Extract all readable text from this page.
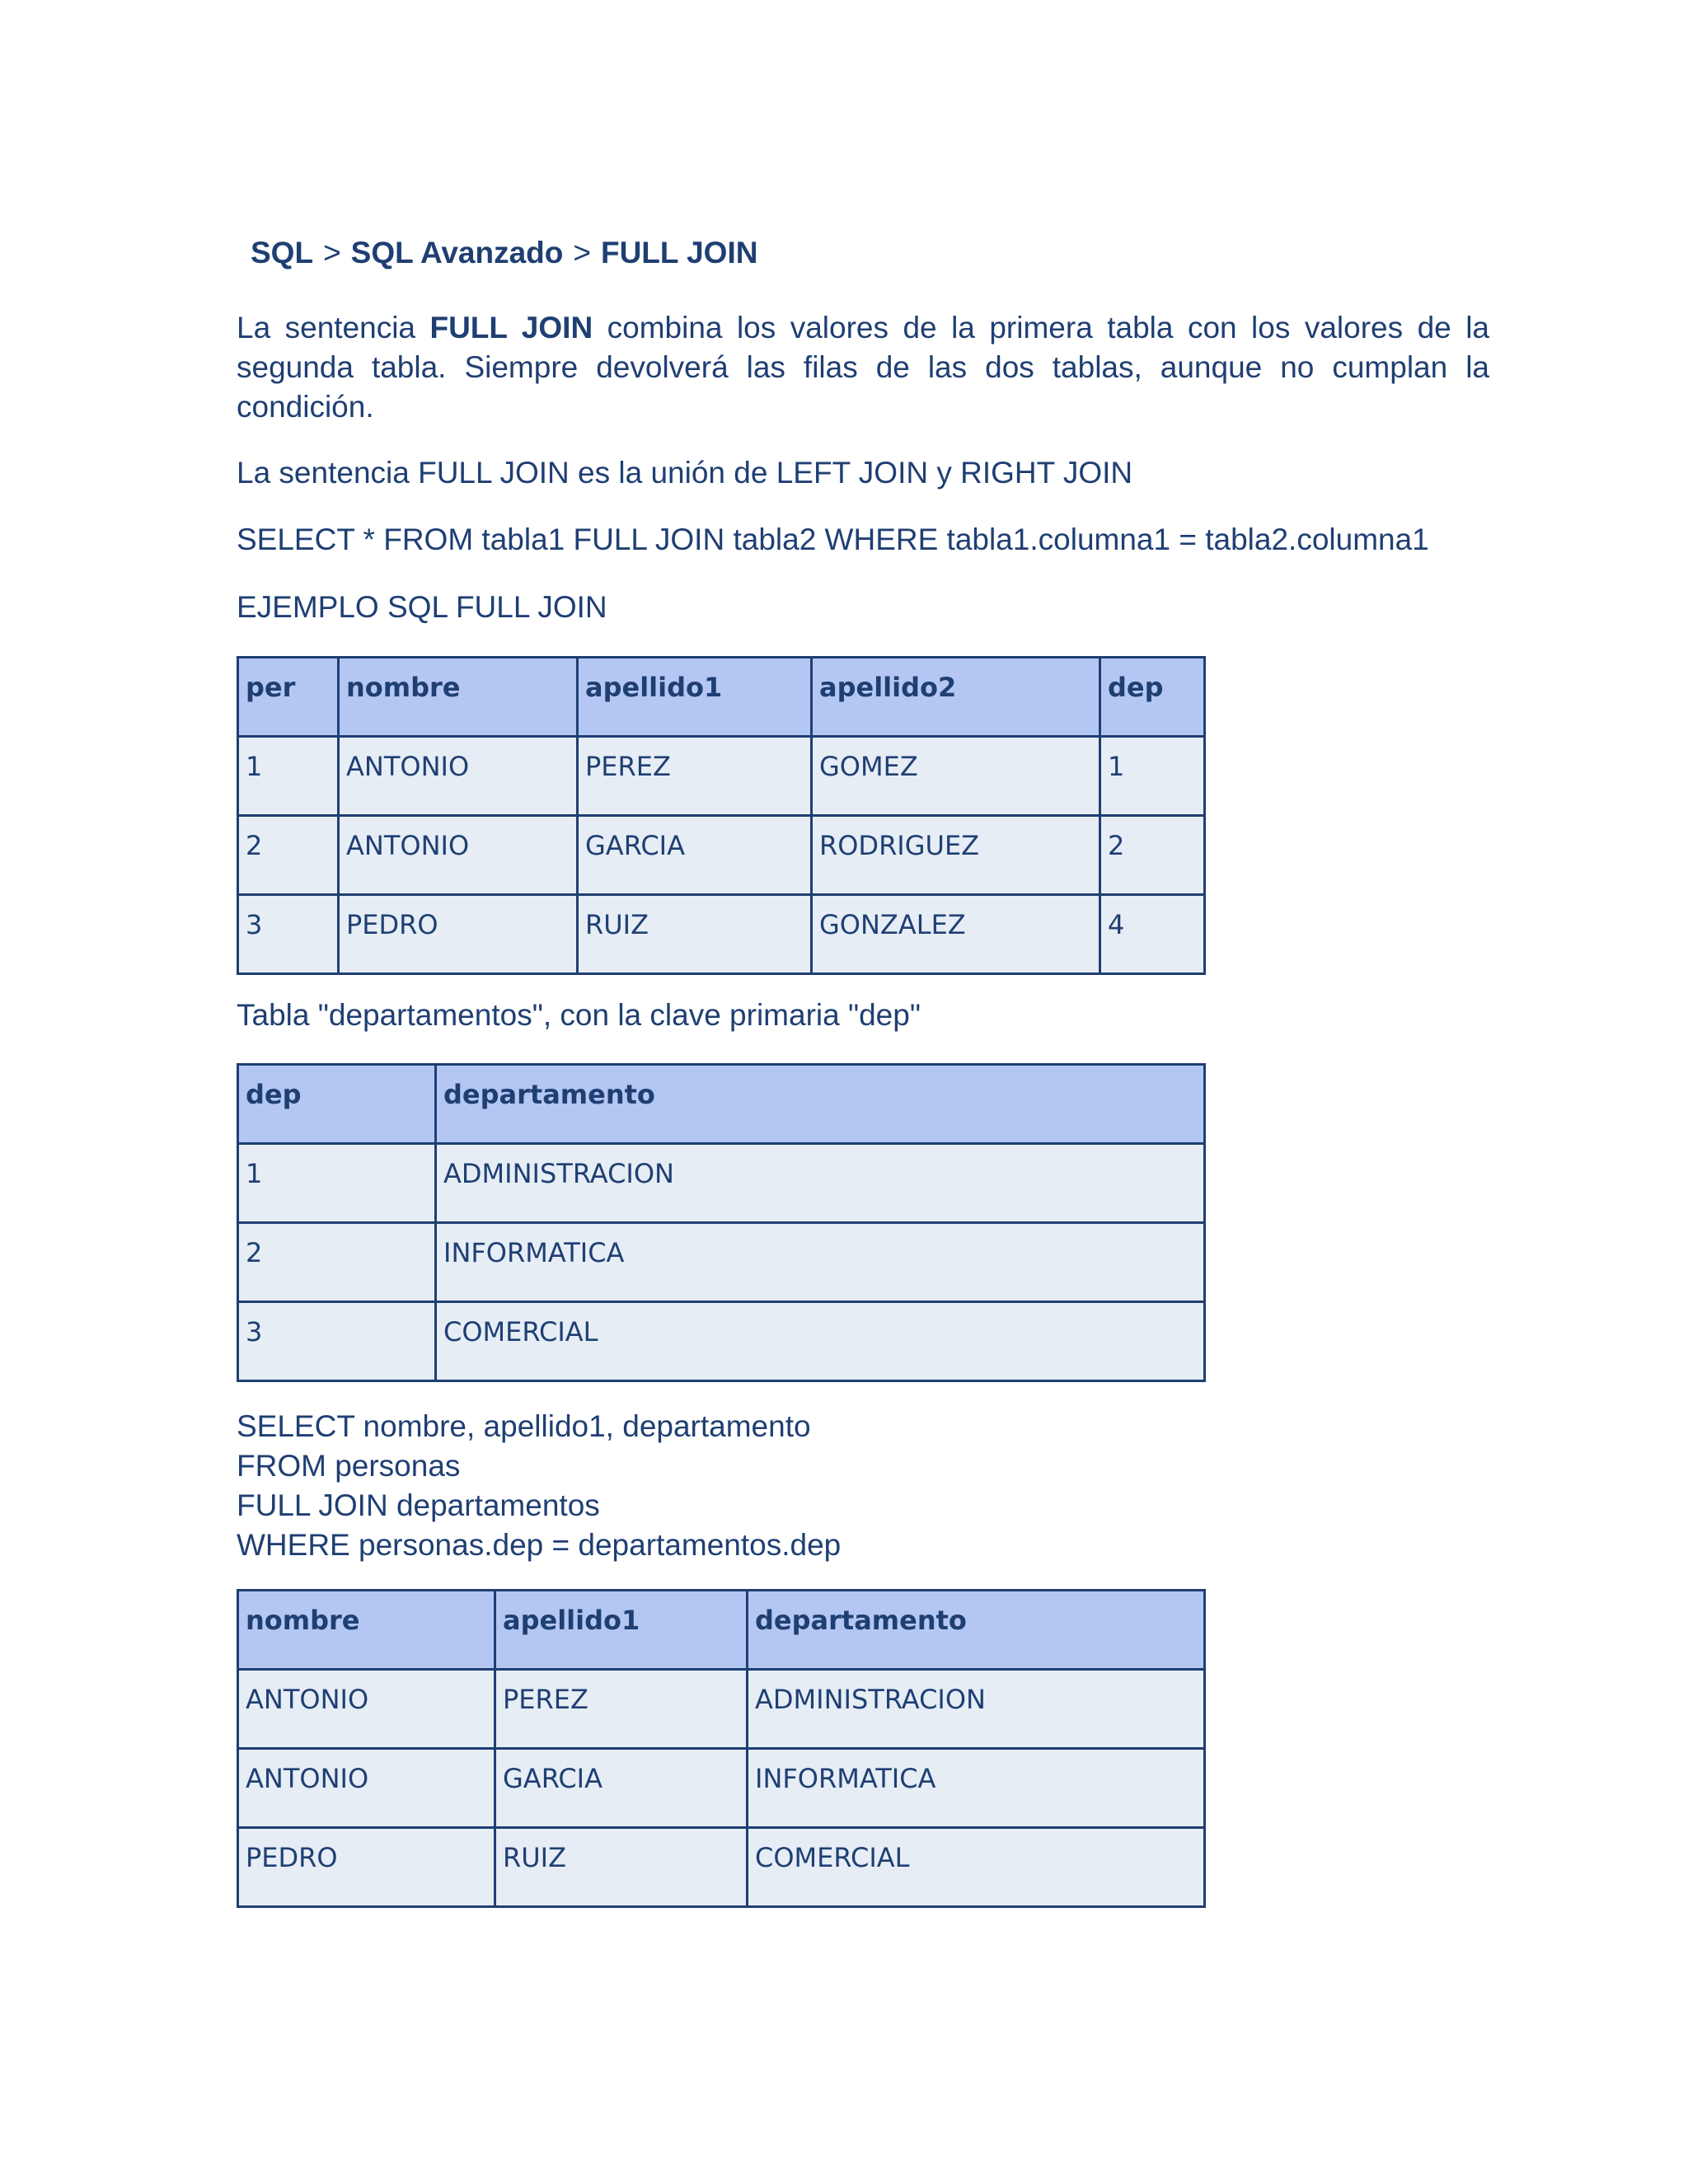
SQL > SQL Avanzado > FULL JOIN
La sentencia FULL JOIN combina los valores de la primera tabla con los valores de la segunda tabla. Siempre devolverá las filas de las dos tablas, aunque no cumplan la condición.
La sentencia FULL JOIN es la unión de LEFT JOIN y RIGHT JOIN
SELECT * FROM tabla1 FULL JOIN tabla2 WHERE tabla1.columna1 = tabla2.columna1
EJEMPLO SQL FULL JOIN
per	nombre	apellido1	apellido2	dep
1	ANTONIO	PEREZ	GOMEZ	1
2	ANTONIO	GARCIA	RODRIGUEZ	2
3	PEDRO	RUIZ	GONZALEZ	4
Tabla "departamentos", con la clave primaria "dep"
dep	departamento
1	ADMINISTRACION
2	INFORMATICA
3	COMERCIAL
SELECT nombre, apellido1, departamento
FROM personas
FULL JOIN departamentos
WHERE personas.dep = departamentos.dep
nombre	apellido1	departamento
ANTONIO	PEREZ	ADMINISTRACION
ANTONIO	GARCIA	INFORMATICA
PEDRO	RUIZ	COMERCIAL
